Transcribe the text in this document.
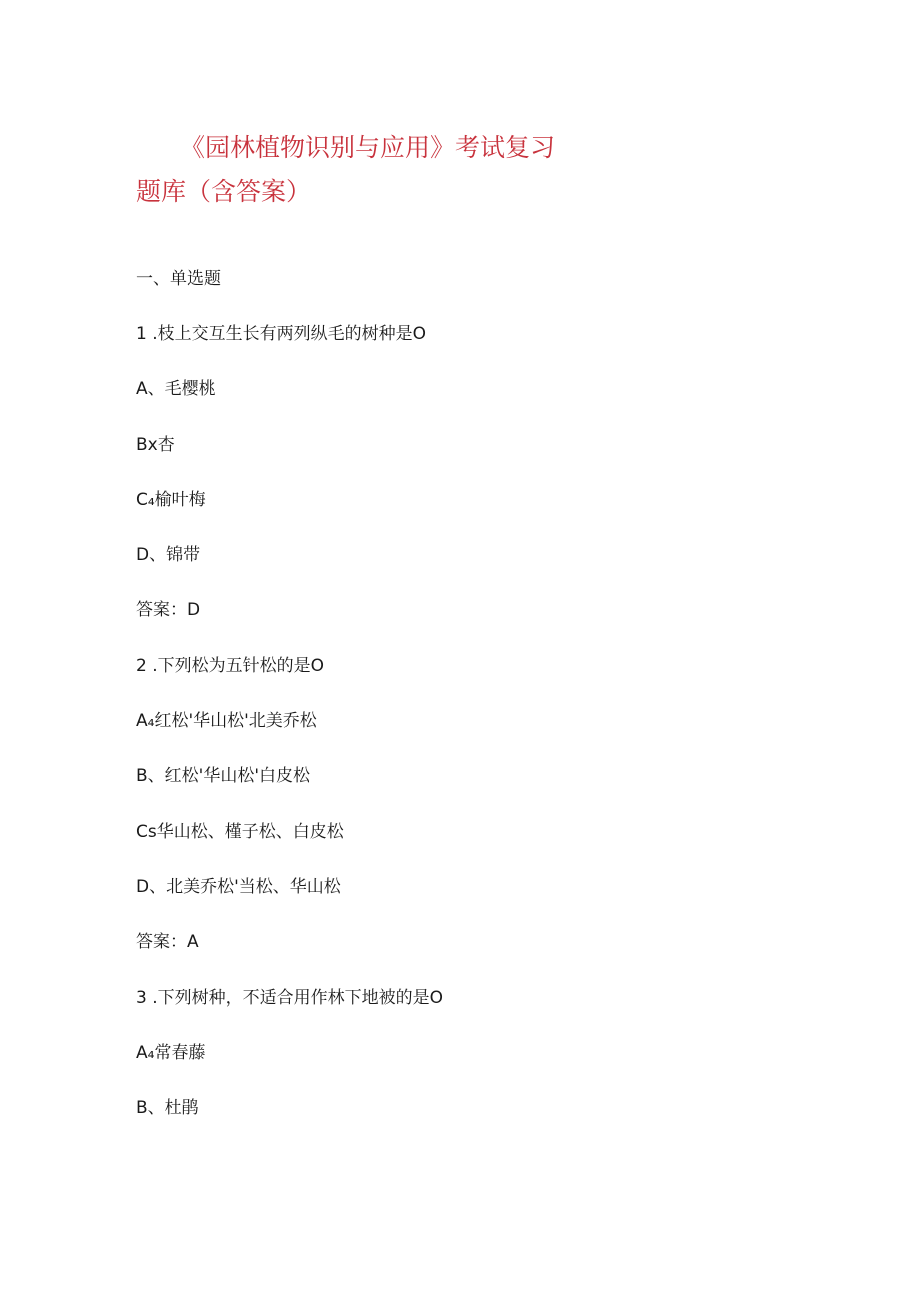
《园林植物识别与应用》考试复习
题库（含答案）
一、单选题
1 .枝上交互生长有两列纵毛的树种是O
A、毛樱桃
Bx杏
C₄榆叶梅
D、锦带
答案：D
2 .下列松为五针松的是O
A₄红松'华山松'北美乔松
B、红松'华山松'白皮松
Cs华山松、槿子松、白皮松
D、北美乔松'当松、华山松
答案：A
3 .下列树种，不适合用作林下地被的是O
A₄常春藤
B、杜鹃
